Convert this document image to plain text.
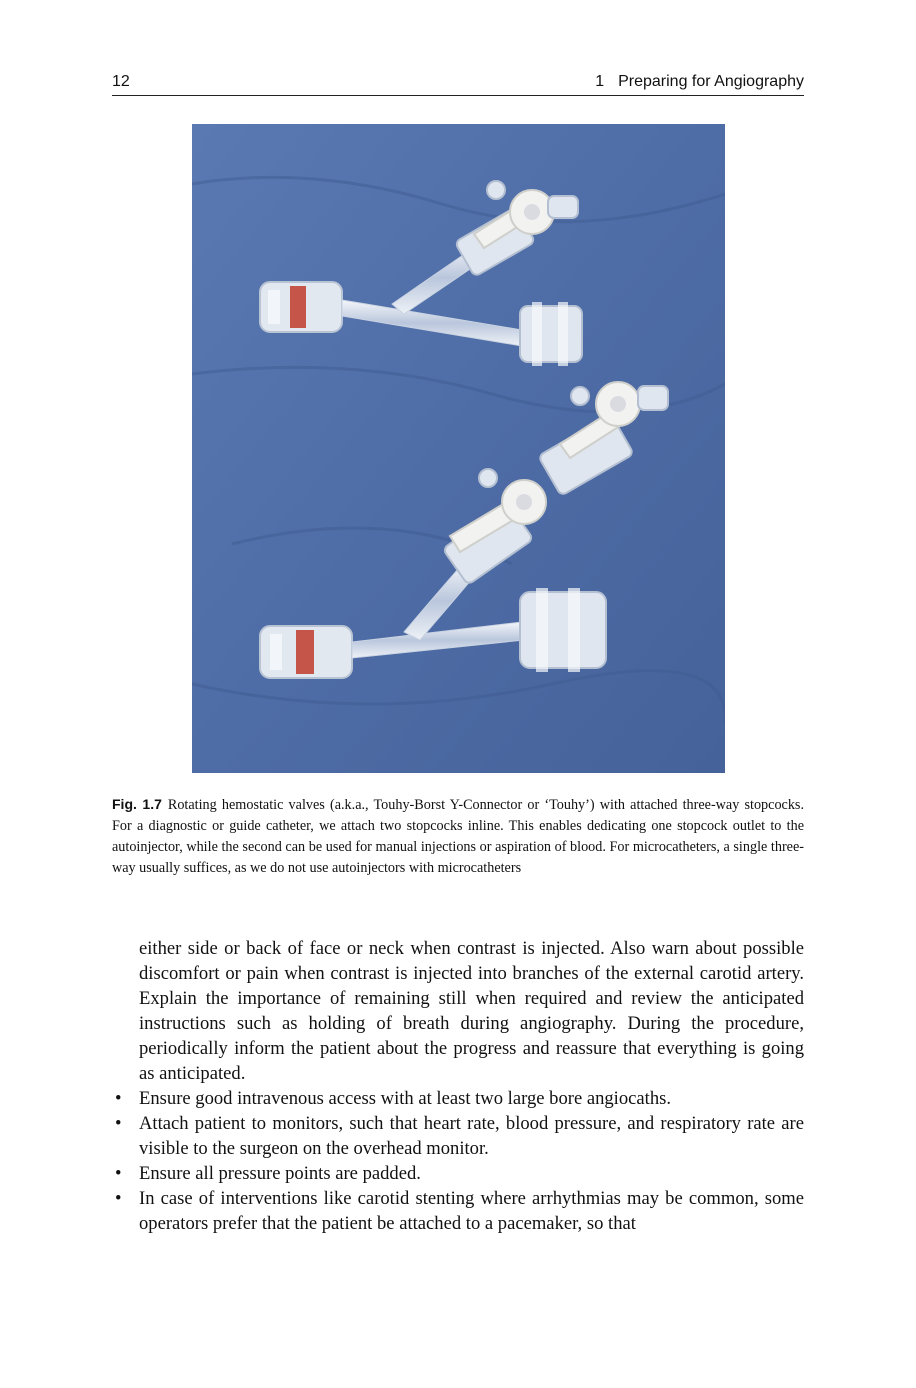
12	1 Preparing for Angiography
Fig. 1.7 Rotating hemostatic valves (a.k.a., Touhy-Borst Y-Connector or ‘Touhy’) with attached three-way stopcocks. For a diagnostic or guide catheter, we attach two stopcocks inline. This enables dedicating one stopcock outlet to the autoinjector, while the second can be used for manual injections or aspiration of blood. For microcatheters, a single three-way usually suffices, as we do not use autoinjectors with microcatheters

either side or back of face or neck when contrast is injected. Also warn about possible discomfort or pain when contrast is injected into branches of the external carotid artery. Explain the importance of remaining still when required and review the anticipated instructions such as holding of breath during angiography. During the procedure, periodically inform the patient about the progress and reassure that everything is going as anticipated.

• Ensure good intravenous access with at least two large bore angiocaths.
• Attach patient to monitors, such that heart rate, blood pressure, and respiratory rate are visible to the surgeon on the overhead monitor.
• Ensure all pressure points are padded.
• In case of interventions like carotid stenting where arrhythmias may be common, some operators prefer that the patient be attached to a pacemaker, so that
